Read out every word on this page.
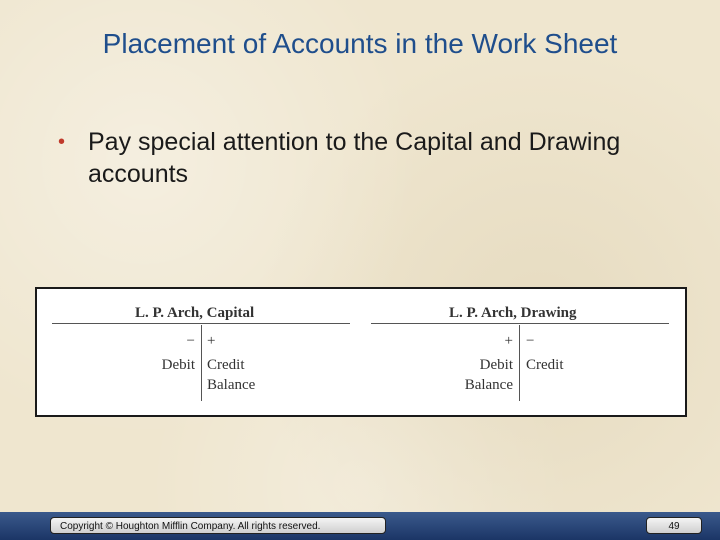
Placement of Accounts in the Work Sheet
• Pay special attention to the Capital and Drawing accounts
L. P. Arch, Capital
−
Debit
+
Credit
Balance
L. P. Arch, Drawing
+
Debit
Balance
−
Credit
Copyright © Houghton Mifflin Company. All rights reserved.	49
